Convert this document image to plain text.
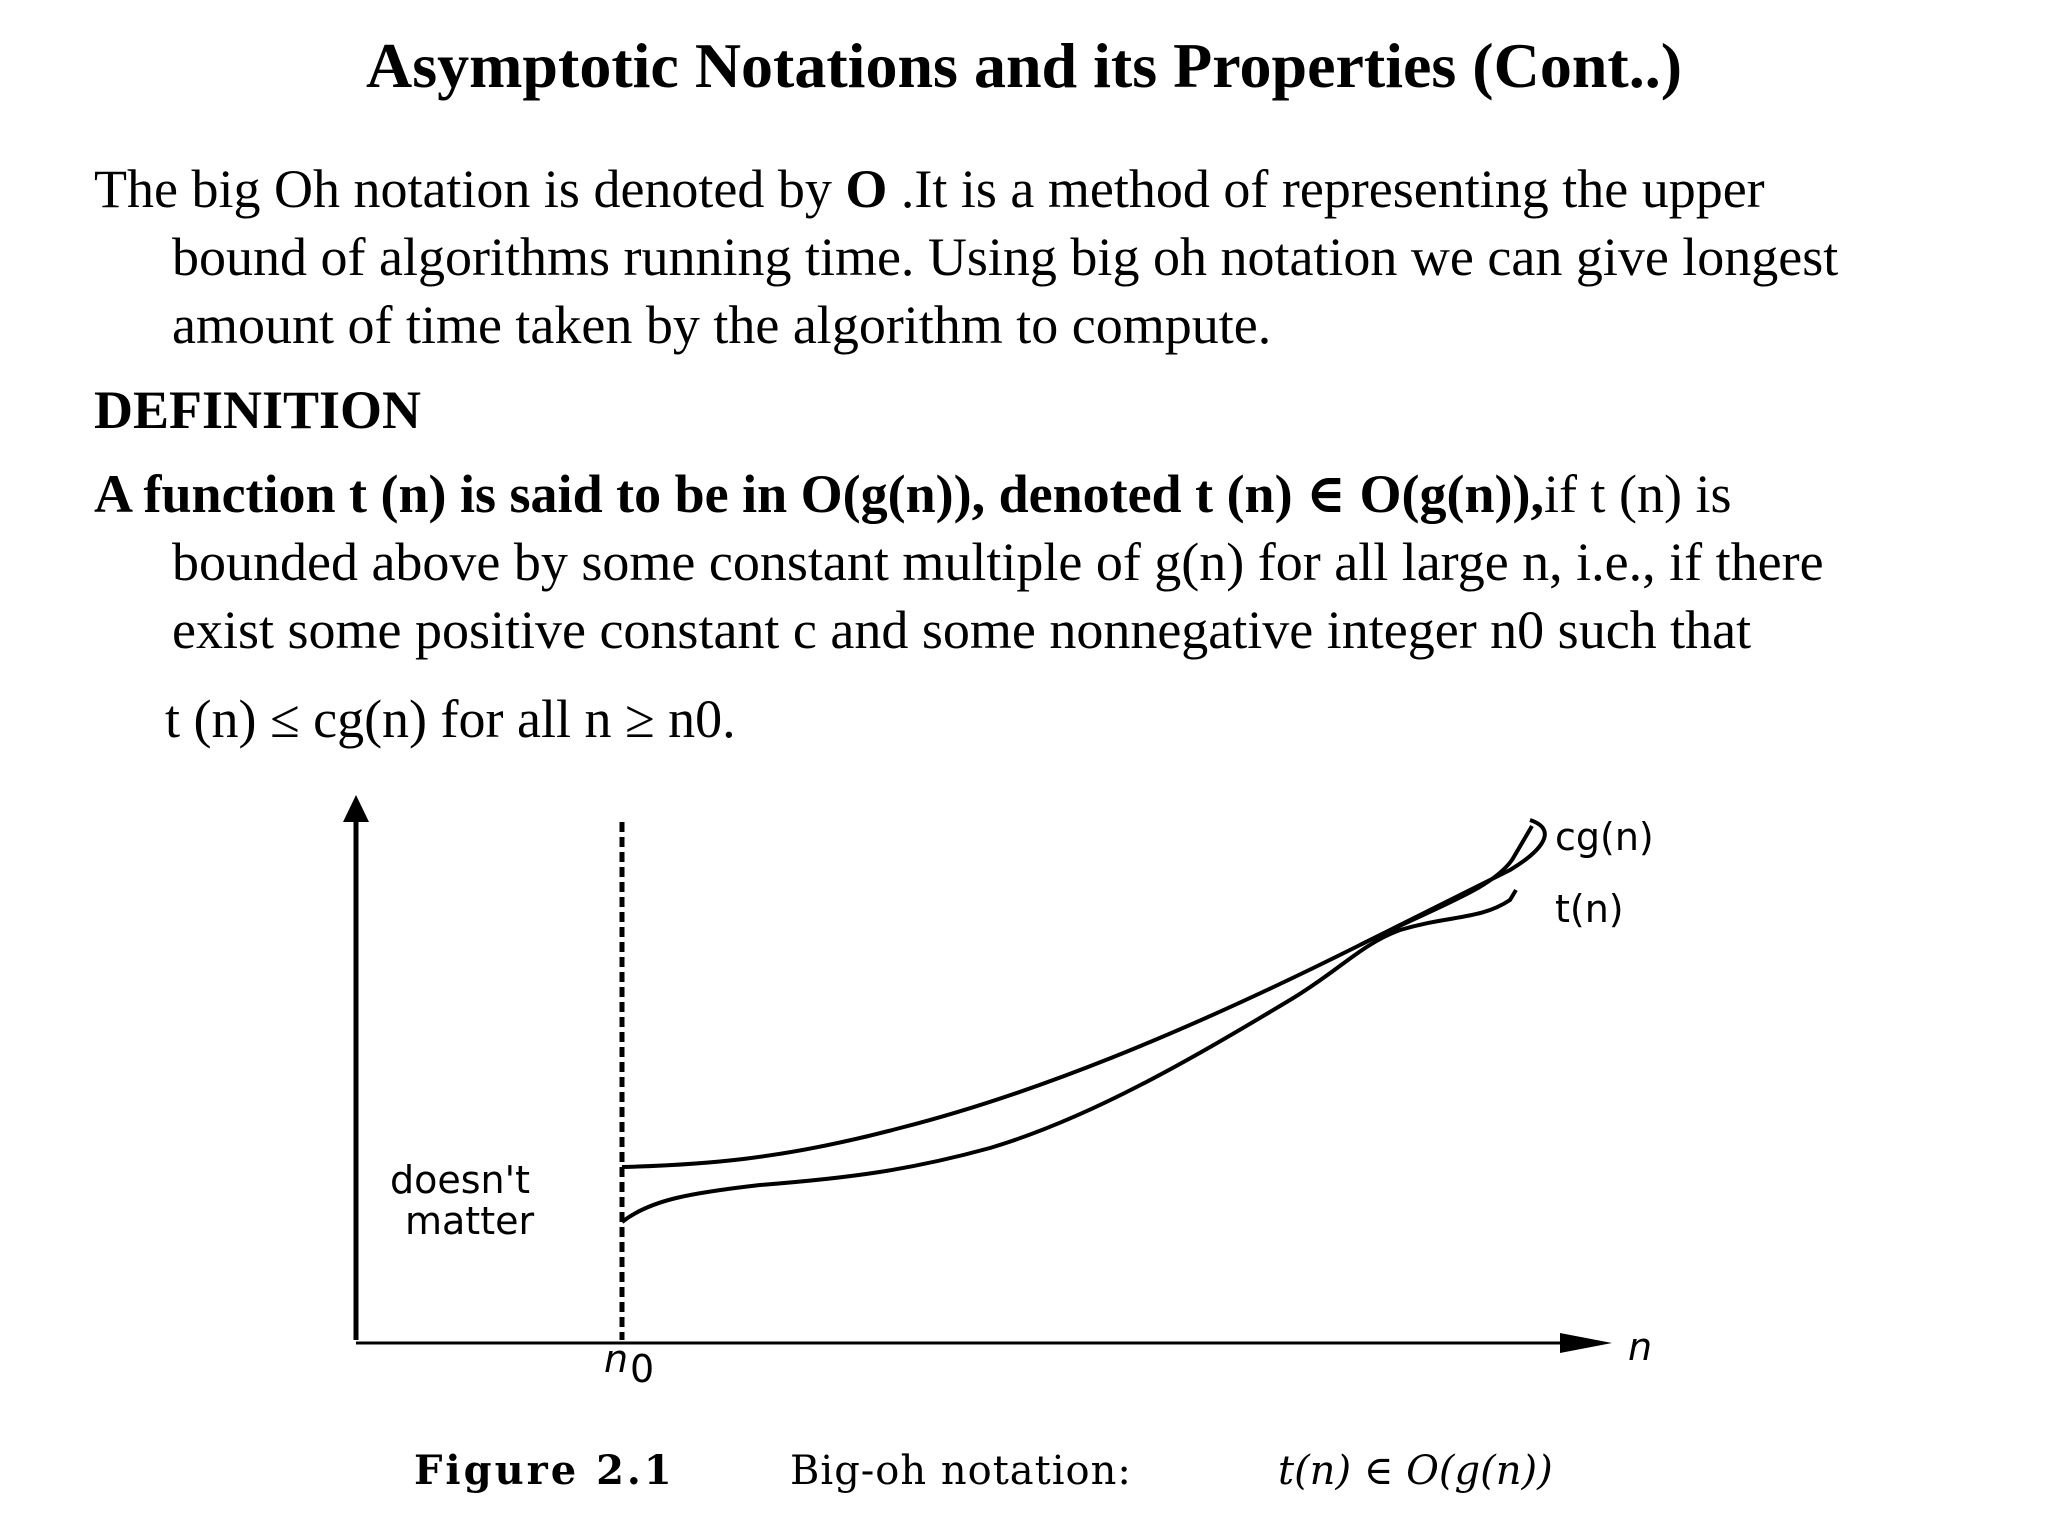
Asymptotic Notations and its Properties (Cont..)
The big Oh notation is denoted by O .It is a method of representing the upper
bound of algorithms running time. Using big oh notation we can give longest
amount of time taken by the algorithm to compute.
DEFINITION
A function t (n) is said to be in O(g(n)), denoted t (n) ∈ O(g(n)),if t (n) is
bounded above by some constant multiple of g(n) for all large n, i.e., if there
exist some positive constant c and some nonnegative integer n0 such that
t (n) ≤ cg(n) for all n ≥ n0.
n
n 0
doesn't
matter
cg(n)
t(n)
Figure 2.1	Big-oh notation:	t(n) ∈ O(g(n))
